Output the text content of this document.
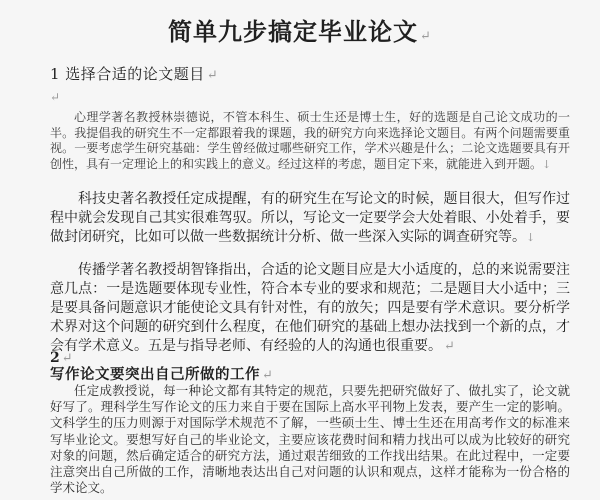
简单九步搞定毕业论文 ↵
1 选择合适的论文题目 ↵
↵

心理学著名教授林崇德说，不管本科生、硕士生还是博士生，好的选题是自己论文成功的一半。我提倡我的研究生不一定都跟着我的课题，我的研究方向来选择论文题目。有两个问题需要重视。一要考虑学生研究基础：学生曾经做过哪些研究工作，学术兴趣是什么；二论文选题要具有开创性，具有一定理论上的和实践上的意义。经过这样的考虑，题目定下来，就能进入到开题。↓

科技史著名教授任定成提醒，有的研究生在写论文的时候，题目很大，但写作过程中就会发现自己其实很难驾驭。所以，写论文一定要学会大处着眼、小处着手，要做封闭研究，比如可以做一些数据统计分析、做一些深入实际的调查研究等。↓

传播学著名教授胡智锋指出，合适的论文题目应是大小适度的，总的来说需要注意几点：一是选题要体现专业性，符合本专业的要求和规范；二是题目大小适中；三是要具备问题意识才能使论文具有针对性，有的放矢；四是要有学术意识。要分析学术界对这个问题的研究到什么程度，在他们研究的基础上想办法找到一个新的点，才会有学术意义。五是与指导老师、有经验的人的沟通也很重要。 ↵

2 ↵
写作论文要突出自己所做的工作 ↵

任定成教授说，每一种论文都有其特定的规范，只要先把研究做好了、做扎实了，论文就好写了。理科学生写作论文的压力来自于要在国际上高水平刊物上发表，要产生一定的影响。文科学生的压力则源于对国际学术规范不了解，一些硕士生、博士生还在用高考作文的标准来写毕业论文。要想写好自己的毕业论文，主要应该花费时间和精力找出可以成为比较好的研究对象的问题，然后确定适合的研究方法，通过艰苦细致的工作找出结果。在此过程中，一定要注意突出自己所做的工作，清晰地表达出自己对问题的认识和观点，这样才能称为一份合格的学术论文。
